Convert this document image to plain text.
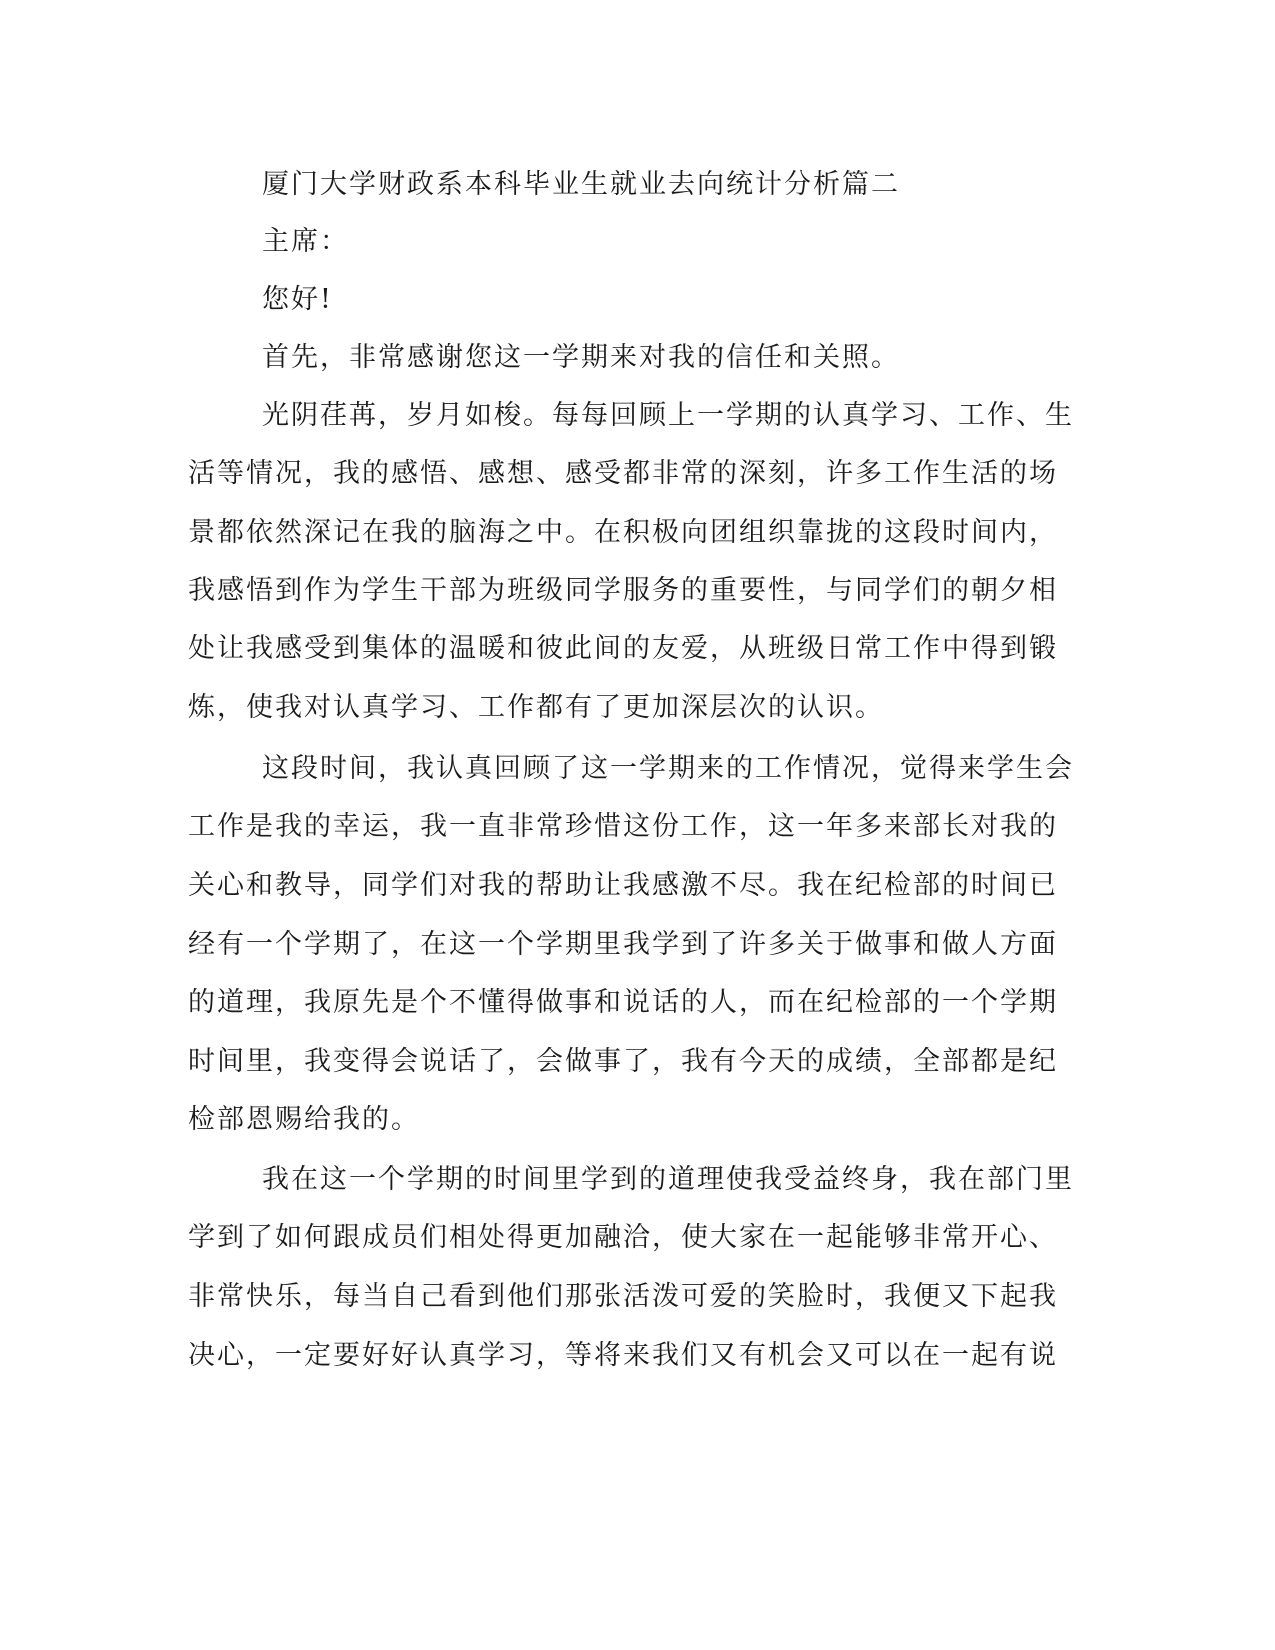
厦门大学财政系本科毕业生就业去向统计分析篇二
主席：
您好!
首先，非常感谢您这一学期来对我的信任和关照。
光阴荏苒，岁月如梭。每每回顾上一学期的认真学习、工作、生
活等情况，我的感悟、感想、感受都非常的深刻，许多工作生活的场
景都依然深记在我的脑海之中。在积极向团组织靠拢的这段时间内，
我感悟到作为学生干部为班级同学服务的重要性，与同学们的朝夕相
处让我感受到集体的温暖和彼此间的友爱，从班级日常工作中得到锻
炼，使我对认真学习、工作都有了更加深层次的认识。
这段时间，我认真回顾了这一学期来的工作情况，觉得来学生会
工作是我的幸运，我一直非常珍惜这份工作，这一年多来部长对我的
关心和教导，同学们对我的帮助让我感激不尽。我在纪检部的时间已
经有一个学期了，在这一个学期里我学到了许多关于做事和做人方面
的道理，我原先是个不懂得做事和说话的人，而在纪检部的一个学期
时间里，我变得会说话了，会做事了，我有今天的成绩，全部都是纪
检部恩赐给我的。
我在这一个学期的时间里学到的道理使我受益终身，我在部门里
学到了如何跟成员们相处得更加融洽，使大家在一起能够非常开心、
非常快乐，每当自己看到他们那张活泼可爱的笑脸时，我便又下起我
决心，一定要好好认真学习，等将来我们又有机会又可以在一起有说
